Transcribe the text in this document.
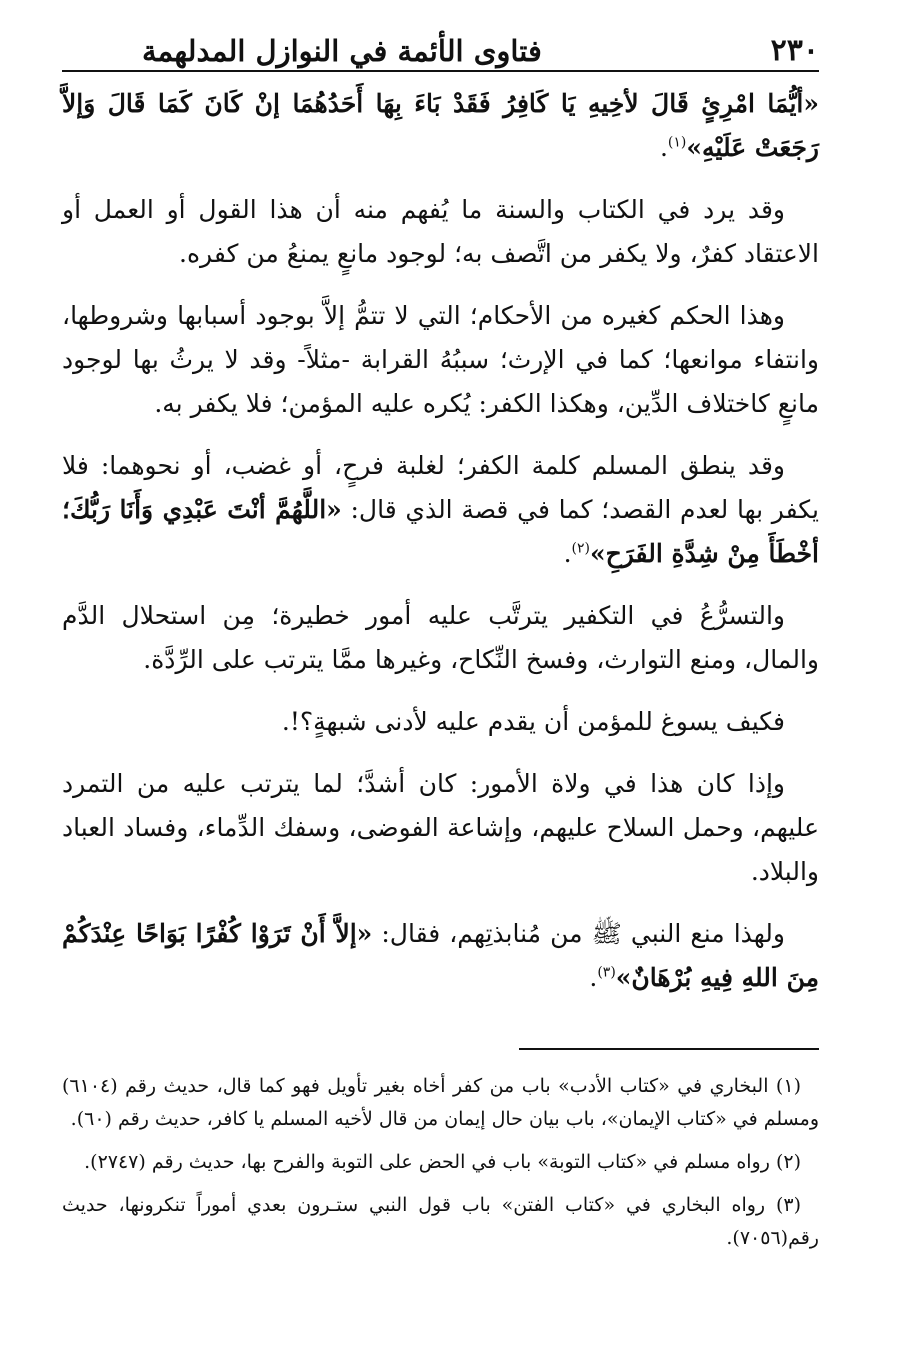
٢٣٠
فتاوى الأئمة في النوازل المدلهمة

«أيُّمَا امْرِئٍ قَالَ لأخِيهِ يَا كَافِرُ فَقَدْ بَاءَ بِهَا أَحَدُهُمَا إنْ كَانَ كَمَا قَالَ وَإلاَّ رَجَعَتْ عَلَيْهِ»$^{(١)}$.

وقد يرد في الكتاب والسنة ما يُفهم منه أن هذا القول أو العمل أو الاعتقاد كفرٌ، ولا يكفر من اتَّصف به؛ لوجود مانعٍ يمنعُ من كفره.

وهذا الحكم كغيره من الأحكام؛ التي لا تتمُّ إلاَّ بوجود أسبابها وشروطها، وانتفاء موانعها؛ كما في الإرث؛ سببُهُ القرابة -مثلاً- وقد لا يرثُ بها لوجود مانعٍ كاختلاف الدِّين، وهكذا الكفر: يُكره عليه المؤمن؛ فلا يكفر به.

وقد ينطق المسلم كلمة الكفر؛ لغلبة فرحٍ، أو غضب، أو نحوهما: فلا يكفر بها لعدم القصد؛ كما في قصة الذي قال: «اللَّهُمَّ أنْتَ عَبْدِي وَأَنَا رَبُّكَ؛ أخْطَأَ مِنْ شِدَّةِ الفَرَحِ»$^{(٢)}$.

والتسرُّعُ في التكفير يترتَّب عليه أمور خطيرة؛ مِن استحلال الدَّم والمال، ومنع التوارث، وفسخ النِّكاح، وغيرها ممَّا يترتب على الرِّدَّة.

فكيف يسوغ للمؤمن أن يقدم عليه لأدنى شبهةٍ؟!.

وإذا كان هذا في ولاة الأمور: كان أشدَّ؛ لما يترتب عليه من التمرد عليهم، وحمل السلاح عليهم، وإشاعة الفوضى، وسفك الدِّماء، وفساد العباد والبلاد.

ولهذا منع النبي ﷺ من مُنابذتِهم، فقال: «إلاَّ أَنْ تَرَوْا كُفْرًا بَوَاحًا عِنْدَكُمْ مِنَ اللهِ فِيهِ بُرْهَانٌ»$^{(٣)}$.

(١) البخاري في «كتاب الأدب» باب من كفر أخاه بغير تأويل فهو كما قال، حديث رقم (٦١٠٤) ومسلم في «كتاب الإيمان»، باب بيان حال إيمان من قال لأخيه المسلم يا كافر، حديث رقم (٦٠).

(٢) رواه مسلم في «كتاب التوبة» باب في الحض على التوبة والفرح بها، حديث رقم (٢٧٤٧).

(٣) رواه البخاري في «كتاب الفتن» باب قول النبي ستـرون بعدي أموراً تنكرونها، حديث رقم(٧٠٥٦).
